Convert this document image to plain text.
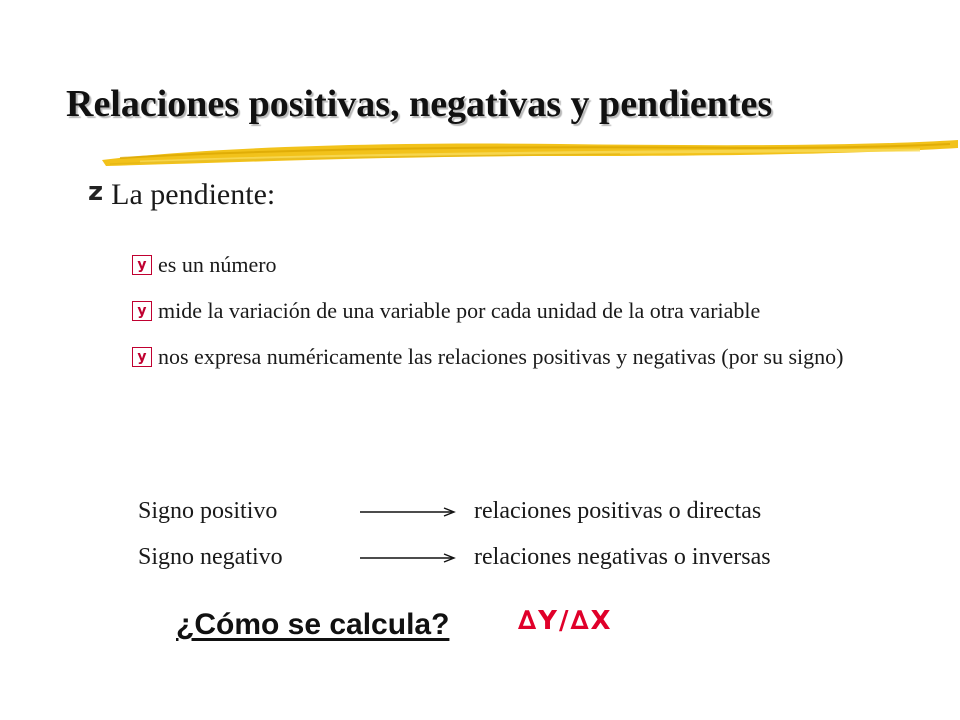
Relaciones positivas, negativas y pendientes
z La pendiente:
y es un número
y mide la variación de una variable por cada unidad de la otra variable
y nos expresa numéricamente las relaciones positivas y negativas (por su signo)
Signo positivo	relaciones positivas o directas
Signo negativo	relaciones negativas o inversas
¿Cómo se calcula?	∆Y/∆X
